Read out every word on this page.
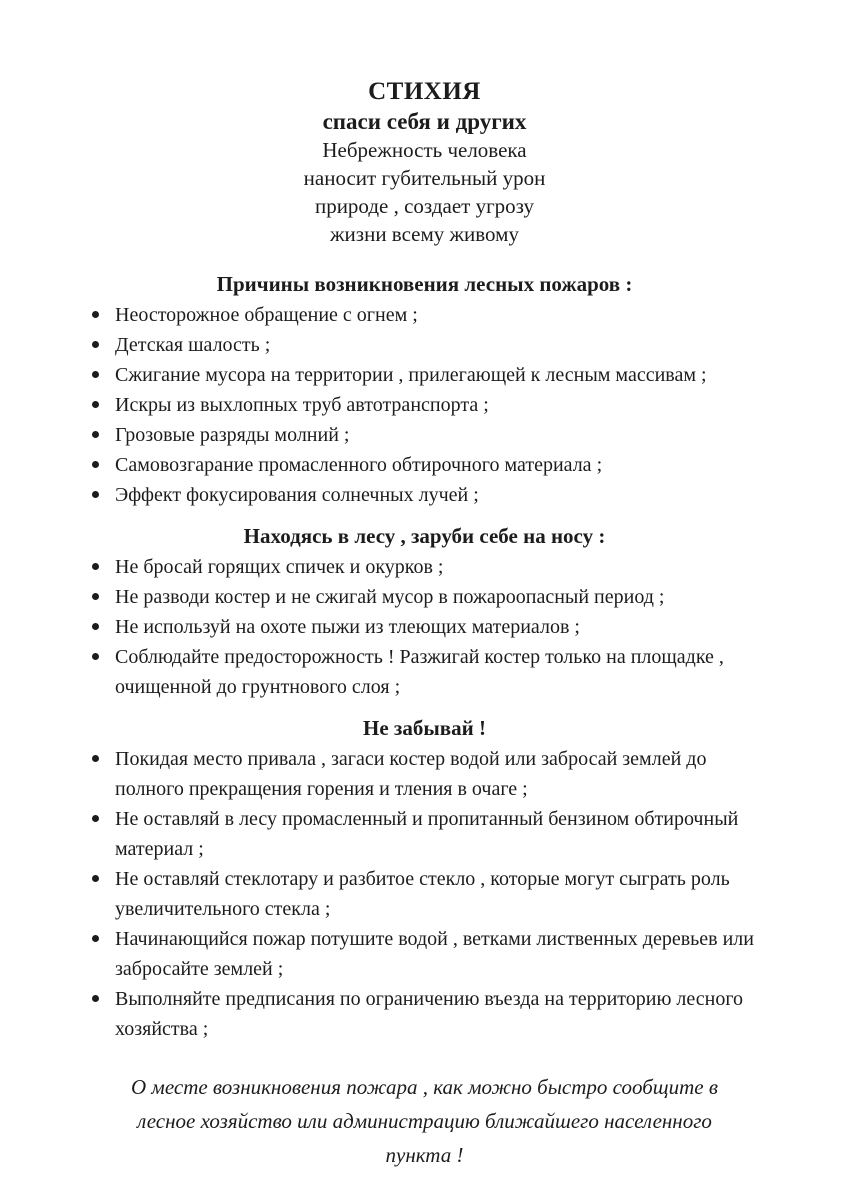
СТИХИЯ
спаси себя и других
Небрежность человека
наносит губительный урон
природе , создает угрозу
жизни всему живому
Причины возникновения лесных пожаров :
Неосторожное обращение с огнем ;
Детская шалость ;
Сжигание мусора на территории , прилегающей к лесным массивам ;
Искры из выхлопных труб автотранспорта ;
Грозовые разряды молний ;
Самовозгарание промасленного обтирочного материала ;
Эффект фокусирования солнечных лучей ;
Находясь в лесу , заруби себе на носу :
Не бросай горящих спичек и окурков ;
Не разводи костер и не сжигай мусор в пожароопасный период ;
Не используй на охоте пыжи из тлеющих материалов ;
Соблюдайте предосторожность ! Разжигай костер только на площадке , очищенной до грунтнового слоя ;
Не забывай !
Покидая место привала , загаси костер водой или забросай землей до полного прекращения горения и тления в очаге ;
Не оставляй в лесу промасленный и пропитанный бензином обтирочный материал ;
Не оставляй стеклотару и разбитое стекло , которые могут сыграть роль увеличительного стекла ;
Начинающийся пожар потушите водой , ветками лиственных деревьев или забросайте землей ;
Выполняйте предписания по ограничению въезда на территорию лесного хозяйства ;
О месте возникновения пожара , как можно быстро сообщите в лесное хозяйство или администрацию ближайшего населенного пункта !
